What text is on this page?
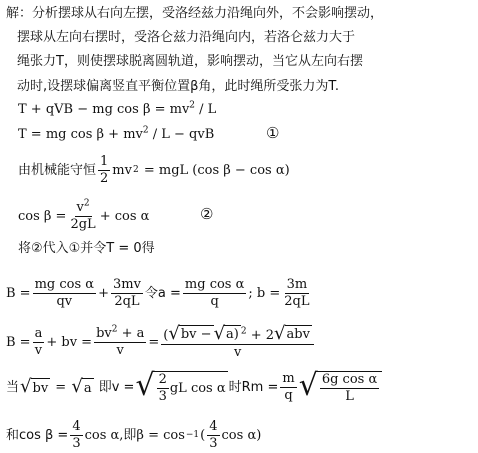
解：分析摆球从右向左摆，受洛经兹力沿绳向外，不会影响摆动，
摆球从左向右摆时，受洛仑兹力沿绳向内，若洛仑兹力大于
绳张力T，则使摆球脱离圆轨道，影响摆动，当它从左向右摆
动时,设摆球偏离竖直平衡位置β角，此时绳所受张力为T.
T + qVB − mg $\cos \beta = mv^2 / L$
T = mg $\cos \beta + mv^2 / L$ − qvB	①
由机械能守恒 $\frac{1}{2}$ mv 2 = mgL (cos β − cos α)
$\cos \beta = \frac{v^2}{2gL} + \cos \alpha$	②
将②代入①并令T = 0得
$B = \frac{\text{mg cos α}}{qv} + \frac{3mv}{2qL}$ 令$a = \frac{\text{mg cos α}}{q}$ ; $b = \frac{3m}{2qL}$
$B = \frac{a}{v}$ + bv = $\frac{bv^2 + a}{v} = \frac{( √ bv - √ a) ^2 + 2 √ abv}{v}$
当 √ bv = √ a 即v = √ $\frac{2}{3}$ gL cos α 时$Rm = \frac{m}{q}$ √ $\frac{\text{6g cos α}}{L}$
和$\cos \beta = \frac{4}{3}$ cos α,即β = cos −1 ( $\frac{4}{3}$ cos α)
